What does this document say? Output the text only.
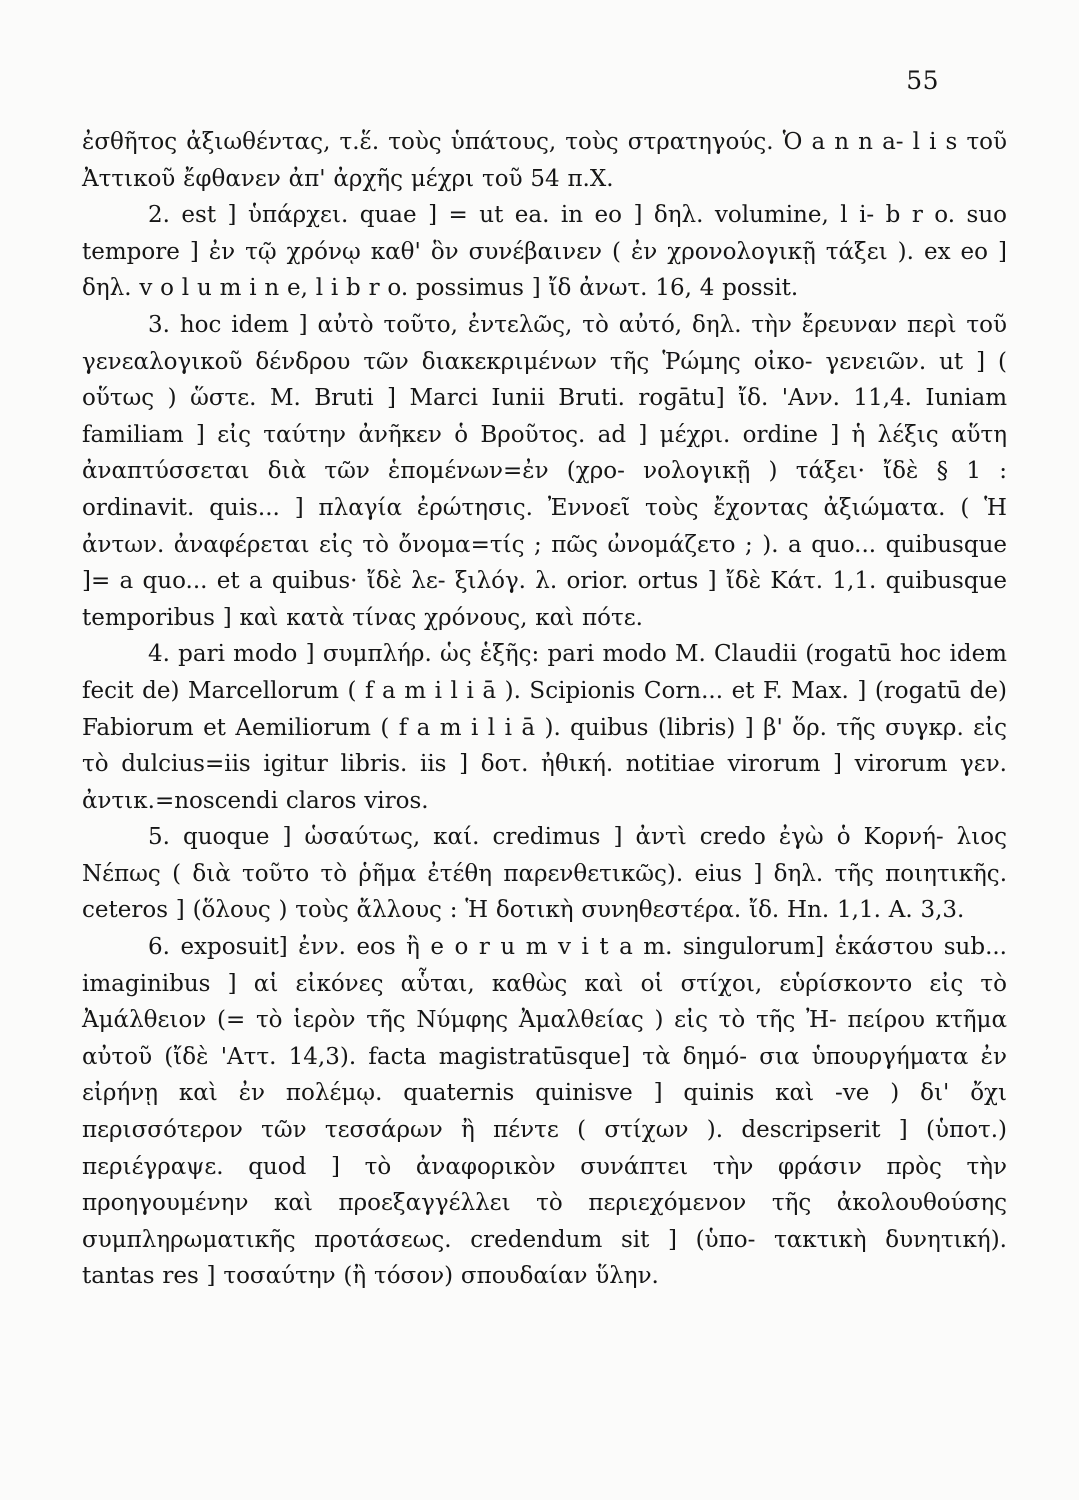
55

ἐσθῆτος ἀξιωθέντας, τ.ἕ. τοὺς ὑπάτους, τοὺς στρατηγούς. Ὁ a n n a- l i s τοῦ Ἀττικοῦ ἔφθανεν ἀπ' ἀρχῆς μέχρι τοῦ 54 π.Χ.

2. est ] ὑπάρχει. quae ] = ut ea. in eo ] δηλ. volumine, l i- b r o. suo tempore ] ἐν τῷ χρόνῳ καθ' ὃν συνέβαινεν ( ἐν χρονολογικῇ τάξει ). ex eo ] δηλ. v o l u m i n e, l i b r o. possimus ] ἴδ ἀνωτ. 16, 4 possit.

3. hoc idem ] αὐτὸ τοῦτο, ἐντελῶς, τὸ αὐτό, δηλ. τὴν ἔρευναν περὶ τοῦ γενεαλογικοῦ δένδρου τῶν διακεκριμένων τῆς Ῥώμης οἰκο- γενειῶν. ut ] ( οὕτως ) ὥστε. M. Bruti ] Marci Iunii Bruti. rogātu] ἴδ. 'Ανν. 11,4. Iuniam familiam ] εἰς ταύτην ἀνῆκεν ὁ Βροῦτος. ad ] μέχρι. ordine ] ἡ λέξις αὕτη ἀναπτύσσεται διὰ τῶν ἑπομένων=ἐν (χρο- νολογικῇ ) τάξει· ἴδὲ § 1 : ordinavit. quis... ] πλαγία ἐρώτησις. Ἐννοεῖ τοὺς ἔχοντας ἀξιώματα. ( Ἡ ἀντων. ἀναφέρεται εἰς τὸ ὄνομα=τίς ; πῶς ὠνομάζετο ; ). a quo... quibusque ]= a quo... et a quibus· ἴδὲ λε- ξιλόγ. λ. orior. ortus ] ἴδὲ Κάτ. 1,1. quibusque temporibus ] καὶ κατὰ τίνας χρόνους, καὶ πότε.

4. pari modo ] συμπλήρ. ὡς ἑξῆς: pari modo M. Claudii (rogatū hoc idem fecit de) Marcellorum ( f a m i l i ā ). Scipionis Corn... et F. Max. ] (rogatū de) Fabiorum et Aemiliorum ( f a m i l i ā ). quibus (libris) ] β' ὅρ. τῆς συγκρ. εἰς τὸ dulcius=iis igitur libris. iis ] δοτ. ἠθική. notitiae virorum ] virorum γεν. ἀντικ.=noscendi claros viros.

5. quoque ] ὡσαύτως, καί. credimus ] ἀντὶ credo ἐγὼ ὁ Κορνή- λιος Νέπως ( διὰ τοῦτο τὸ ῥῆμα ἐτέθη παρενθετικῶς). eius ] δηλ. τῆς ποιητικῆς. ceteros ] (ὅλους ) τοὺς ἄλλους : Ἡ δοτικὴ συνηθεστέρα. ἴδ. Hn. 1,1. A. 3,3.

6. exposuit] ἐνν. eos ἢ e o r u m v i t a m. singulorum] ἑκάστου sub... imaginibus ] αἱ εἰκόνες αὗται, καθὼς καὶ οἱ στίχοι, εὑρίσκοντο εἰς τὸ Ἀμάλθειον (= τὸ ἱερὸν τῆς Νύμφης Ἀμαλθείας ) εἰς τὸ τῆς Ἠ- πείρου κτῆμα αὐτοῦ (ἴδὲ 'Αττ. 14,3). facta magistratūsque] τὰ δημό- σια ὑπουργήματα ἐν εἰρήνῃ καὶ ἐν πολέμῳ. quaternis quinisve ] quinis καὶ -ve ) δι' ὄχι περισσότερον τῶν τεσσάρων ἢ πέντε ( στίχων ). descripserit ] (ὑποτ.) περιέγραψε. quod ] τὸ ἀναφορικὸν συνάπτει τὴν φράσιν πρὸς τὴν προηγουμένην καὶ προεξαγγέλλει τὸ περιεχόμενον τῆς ἀκολουθούσης συμπληρωματικῆς προτάσεως. credendum sit ] (ὑπο- τακτικὴ δυνητική). tantas res ] τοσαύτην (ἢ τόσον) σπουδαίαν ὕλην.
